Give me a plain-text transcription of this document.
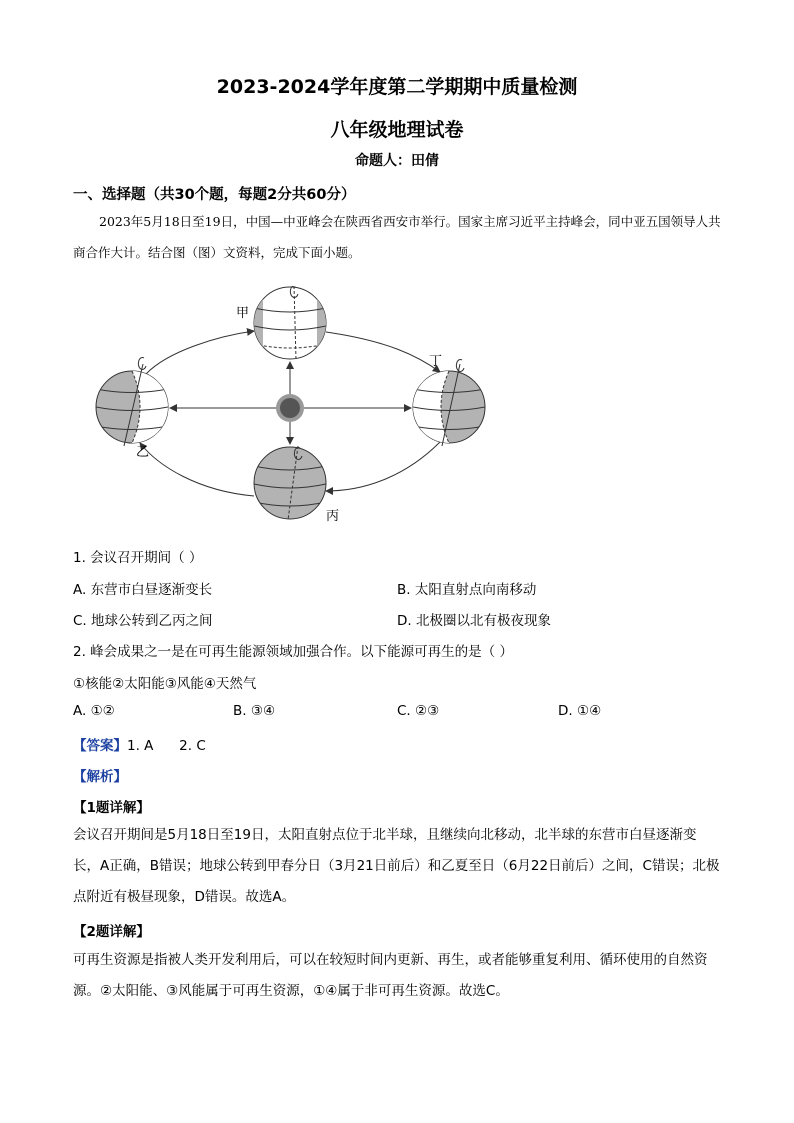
2023-2024学年度第二学期期中质量检测
八年级地理试卷
命题人：田倩
一、选择题（共30个题，每题2分共60分）
2023年5月18日至19日，中国—中亚峰会在陕西省西安市举行。国家主席习近平主持峰会，同中亚五国领导人共商合作大计。结合图（图）文资料，完成下面小题。
甲
乙
丙
丁
1. 会议召开期间（ ）
A. 东营市白昼逐渐变长	B. 太阳直射点向南移动
C. 地球公转到乙丙之间	D. 北极圈以北有极夜现象
2. 峰会成果之一是在可再生能源领域加强合作。以下能源可再生的是（ ）
①核能②太阳能③风能④天然气
A. ①②	B. ③④	C. ②③	D. ①④
【答案】1. A      2. C
【解析】
【1题详解】
会议召开期间是5月18日至19日，太阳直射点位于北半球，且继续向北移动，北半球的东营市白昼逐渐变长，A正确，B错误；地球公转到甲春分日（3月21日前后）和乙夏至日（6月22日前后）之间，C错误；北极点附近有极昼现象，D错误。故选A。
【2题详解】
可再生资源是指被人类开发利用后，可以在较短时间内更新、再生，或者能够重复利用、循环使用的自然资源。②太阳能、③风能属于可再生资源，①④属于非可再生资源。故选C。
